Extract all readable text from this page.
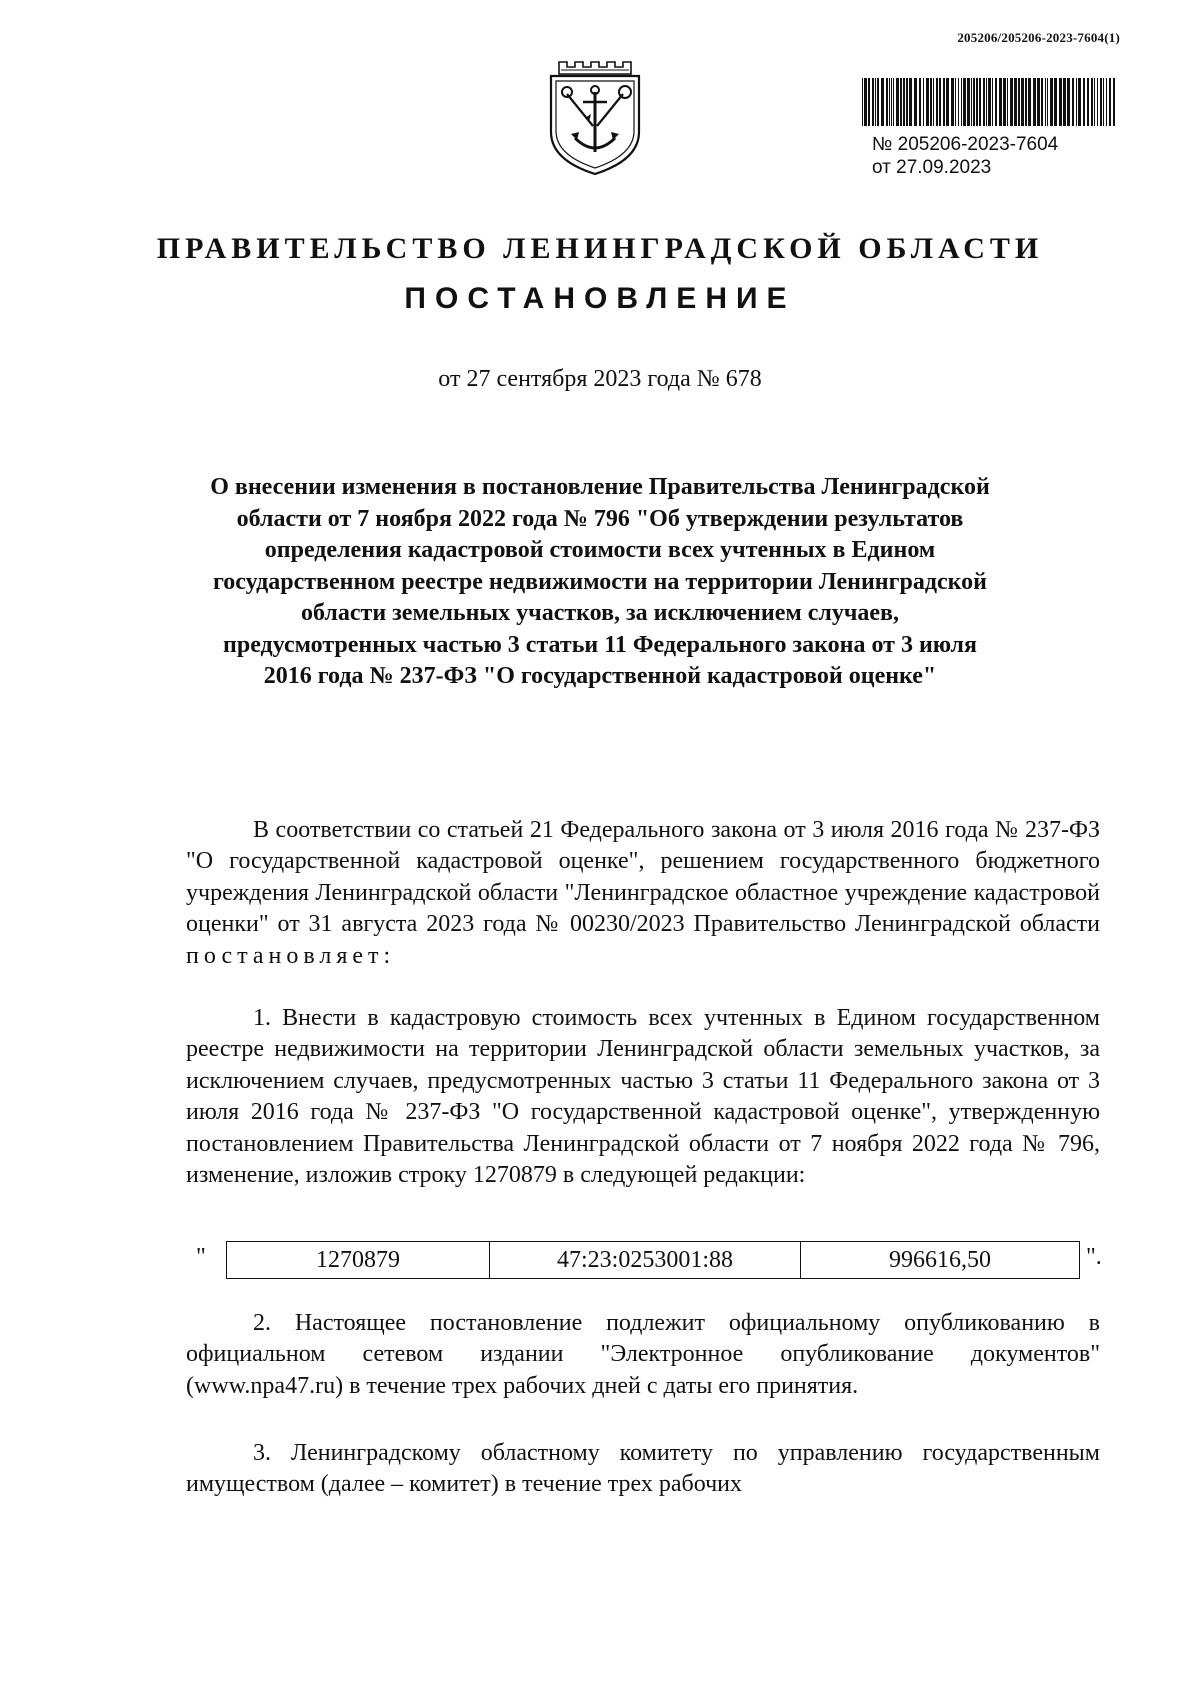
205206/205206-2023-7604(1)
№ 205206-2023-7604
от 27.09.2023
ПРАВИТЕЛЬСТВО ЛЕНИНГРАДСКОЙ ОБЛАСТИ
ПОСТАНОВЛЕНИЕ
от 27 сентября 2023 года № 678
О внесении изменения в постановление Правительства Ленинградской области от 7 ноября 2022 года № 796 "Об утверждении результатов определения кадастровой стоимости всех учтенных в Едином государственном реестре недвижимости на территории Ленинградской области земельных участков, за исключением случаев, предусмотренных частью 3 статьи 11 Федерального закона от 3 июля 2016 года № 237-ФЗ "О государственной кадастровой оценке"
В соответствии со статьей 21 Федерального закона от 3 июля 2016 года № 237-ФЗ "О государственной кадастровой оценке", решением государственного бюджетного учреждения Ленинградской области "Ленинградское областное учреждение кадастровой оценки" от 31 августа 2023 года № 00230/2023 Правительство Ленинградской области постановляет:
1. Внести в кадастровую стоимость всех учтенных в Едином государственном реестре недвижимости на территории Ленинградской области земельных участков, за исключением случаев, предусмотренных частью 3 статьи 11 Федерального закона от 3 июля 2016 года № 237-ФЗ "О государственной кадастровой оценке", утвержденную постановлением Правительства Ленинградской области от 7 ноября 2022 года № 796, изменение, изложив строку 1270879 в следующей редакции:
"	1270879	47:23:0253001:88	996616,50	".
2. Настоящее постановление подлежит официальному опубликованию в официальном сетевом издании "Электронное опубликование документов" (www.npa47.ru) в течение трех рабочих дней с даты его принятия.
3. Ленинградскому областному комитету по управлению государственным имуществом (далее – комитет) в течение трех рабочих
